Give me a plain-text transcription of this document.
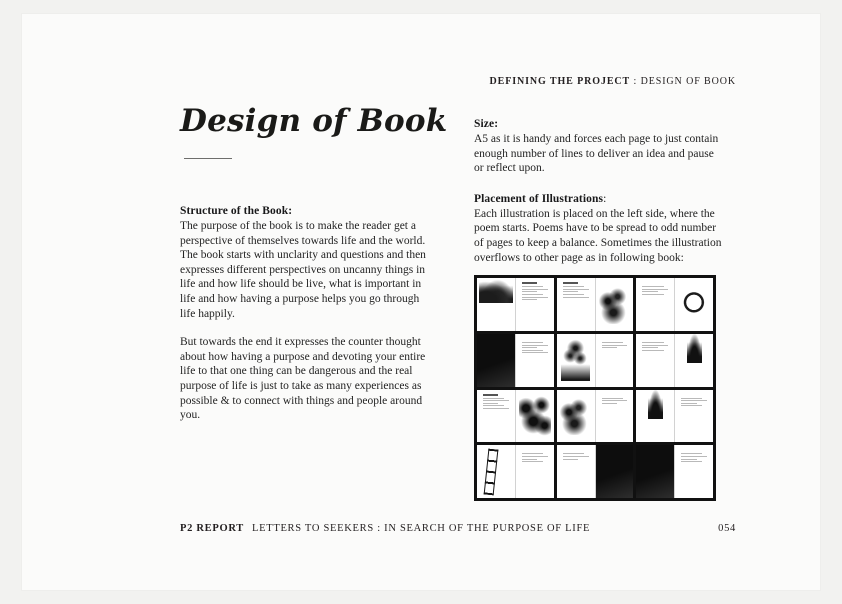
DEFINING THE PROJECT : DESIGN OF BOOK
Design of Book

Structure of the Book:

The purpose of the book is to make the reader get a perspective of themselves towards life and the world. The book starts with unclarity and questions and then expresses different perspectives on uncanny things in life and how life should be live, what is important in life and how having a purpose helps you go through life happily.

But towards the end it expresses the counter thought about how having a purpose and devoting your entire life to that one thing can be dangerous and the real purpose of life is just to take as many experiences as possible & to connect with things and people around you.

Size:

A5 as it is handy and forces each page to just contain enough number of lines to deliver an idea and pause or reflect upon.

Placement of Illustrations:

Each illustration is placed on the left side, where the poem starts. Poems have to be spread to odd number of pages to keep a balance. Sometimes the illustration overflows to other page as in following book:

P2 REPORT LETTERS TO SEEKERS : IN SEARCH OF THE PURPOSE OF LIFE	054
